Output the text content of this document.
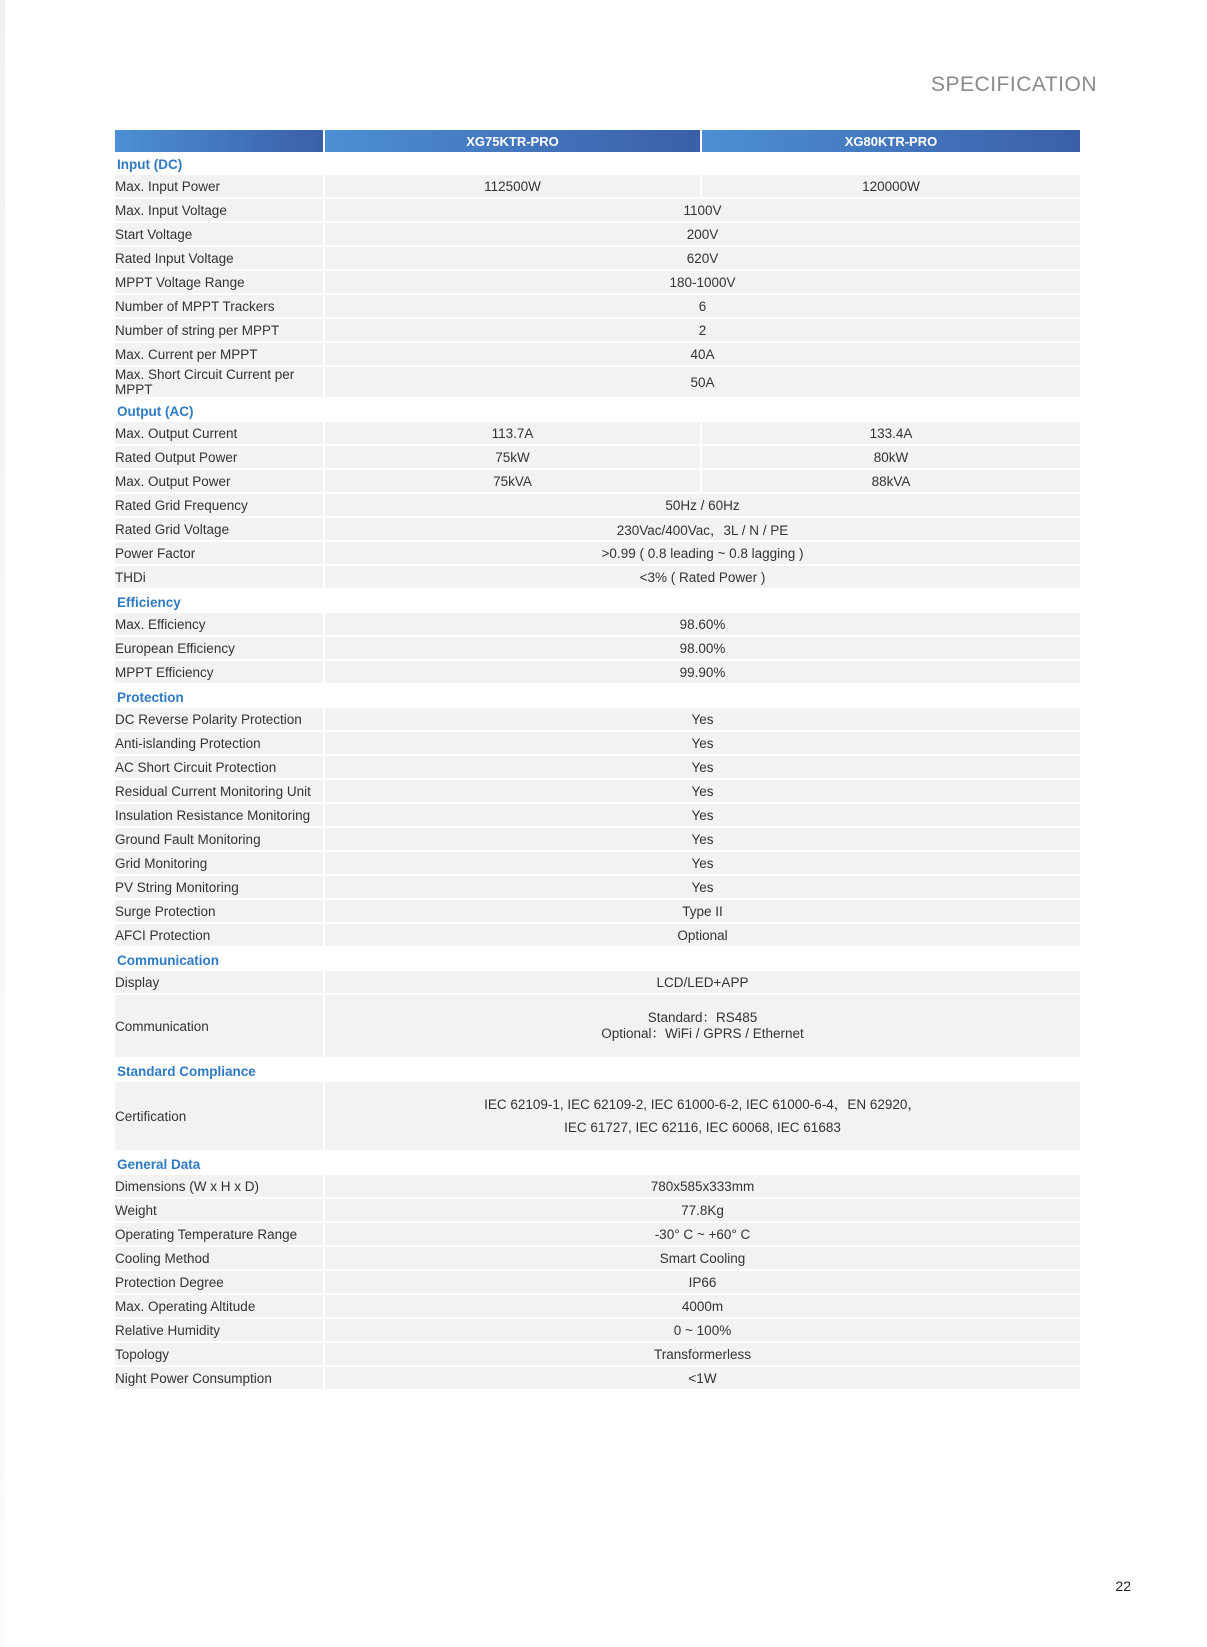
SPECIFICATION
	XG75KTR-PRO	XG80KTR-PRO
Input (DC)		
Max. Input Power	112500W	120000W
Max. Input Voltage	1100V	
Start Voltage	200V	
Rated Input Voltage	620V	
MPPT Voltage Range	180-1000V	
Number of MPPT Trackers	6	
Number of string per MPPT	2	
Max. Current per MPPT	40A	
Max. Short Circuit Current per MPPT	50A	
Output (AC)		
Max. Output Current	113.7A	133.4A
Rated Output Power	75kW	80kW
Max. Output Power	75kVA	88kVA
Rated Grid Frequency	50Hz / 60Hz	
Rated Grid Voltage	230Vac/400Vac，3L / N / PE	
Power Factor	>0.99 ( 0.8 leading ~ 0.8 lagging )	
THDi	<3% ( Rated Power )	
Efficiency		
Max. Efficiency	98.60%	
European Efficiency	98.00%	
MPPT Efficiency	99.90%	
Protection		
DC Reverse Polarity Protection	Yes	
Anti-islanding Protection	Yes	
AC Short Circuit Protection	Yes	
Residual Current Monitoring Unit	Yes	
Insulation Resistance Monitoring	Yes	
Ground Fault Monitoring	Yes	
Grid Monitoring	Yes	
PV String Monitoring	Yes	
Surge Protection	Type II	
AFCI Protection	Optional	
Communication		
Display	LCD/LED+APP	
Communication	Standard：RS485
Optional：WiFi / GPRS / Ethernet	

Standard Compliance		
Certification	IEC 62109-1, IEC 62109-2, IEC 61000-6-2, IEC 61000-6-4，EN 62920，
IEC 61727, IEC 62116, IEC 60068, IEC 61683	

General Data		
Dimensions (W x H x D)	780x585x333mm	
Weight	77.8Kg	
Operating Temperature Range	-30° C ~ +60° C	
Cooling Method	Smart Cooling	
Protection Degree	IP66	
Max. Operating Altitude	4000m	
Relative Humidity	0 ~ 100%	
Topology	Transformerless	
Night Power Consumption	<1W	
22
